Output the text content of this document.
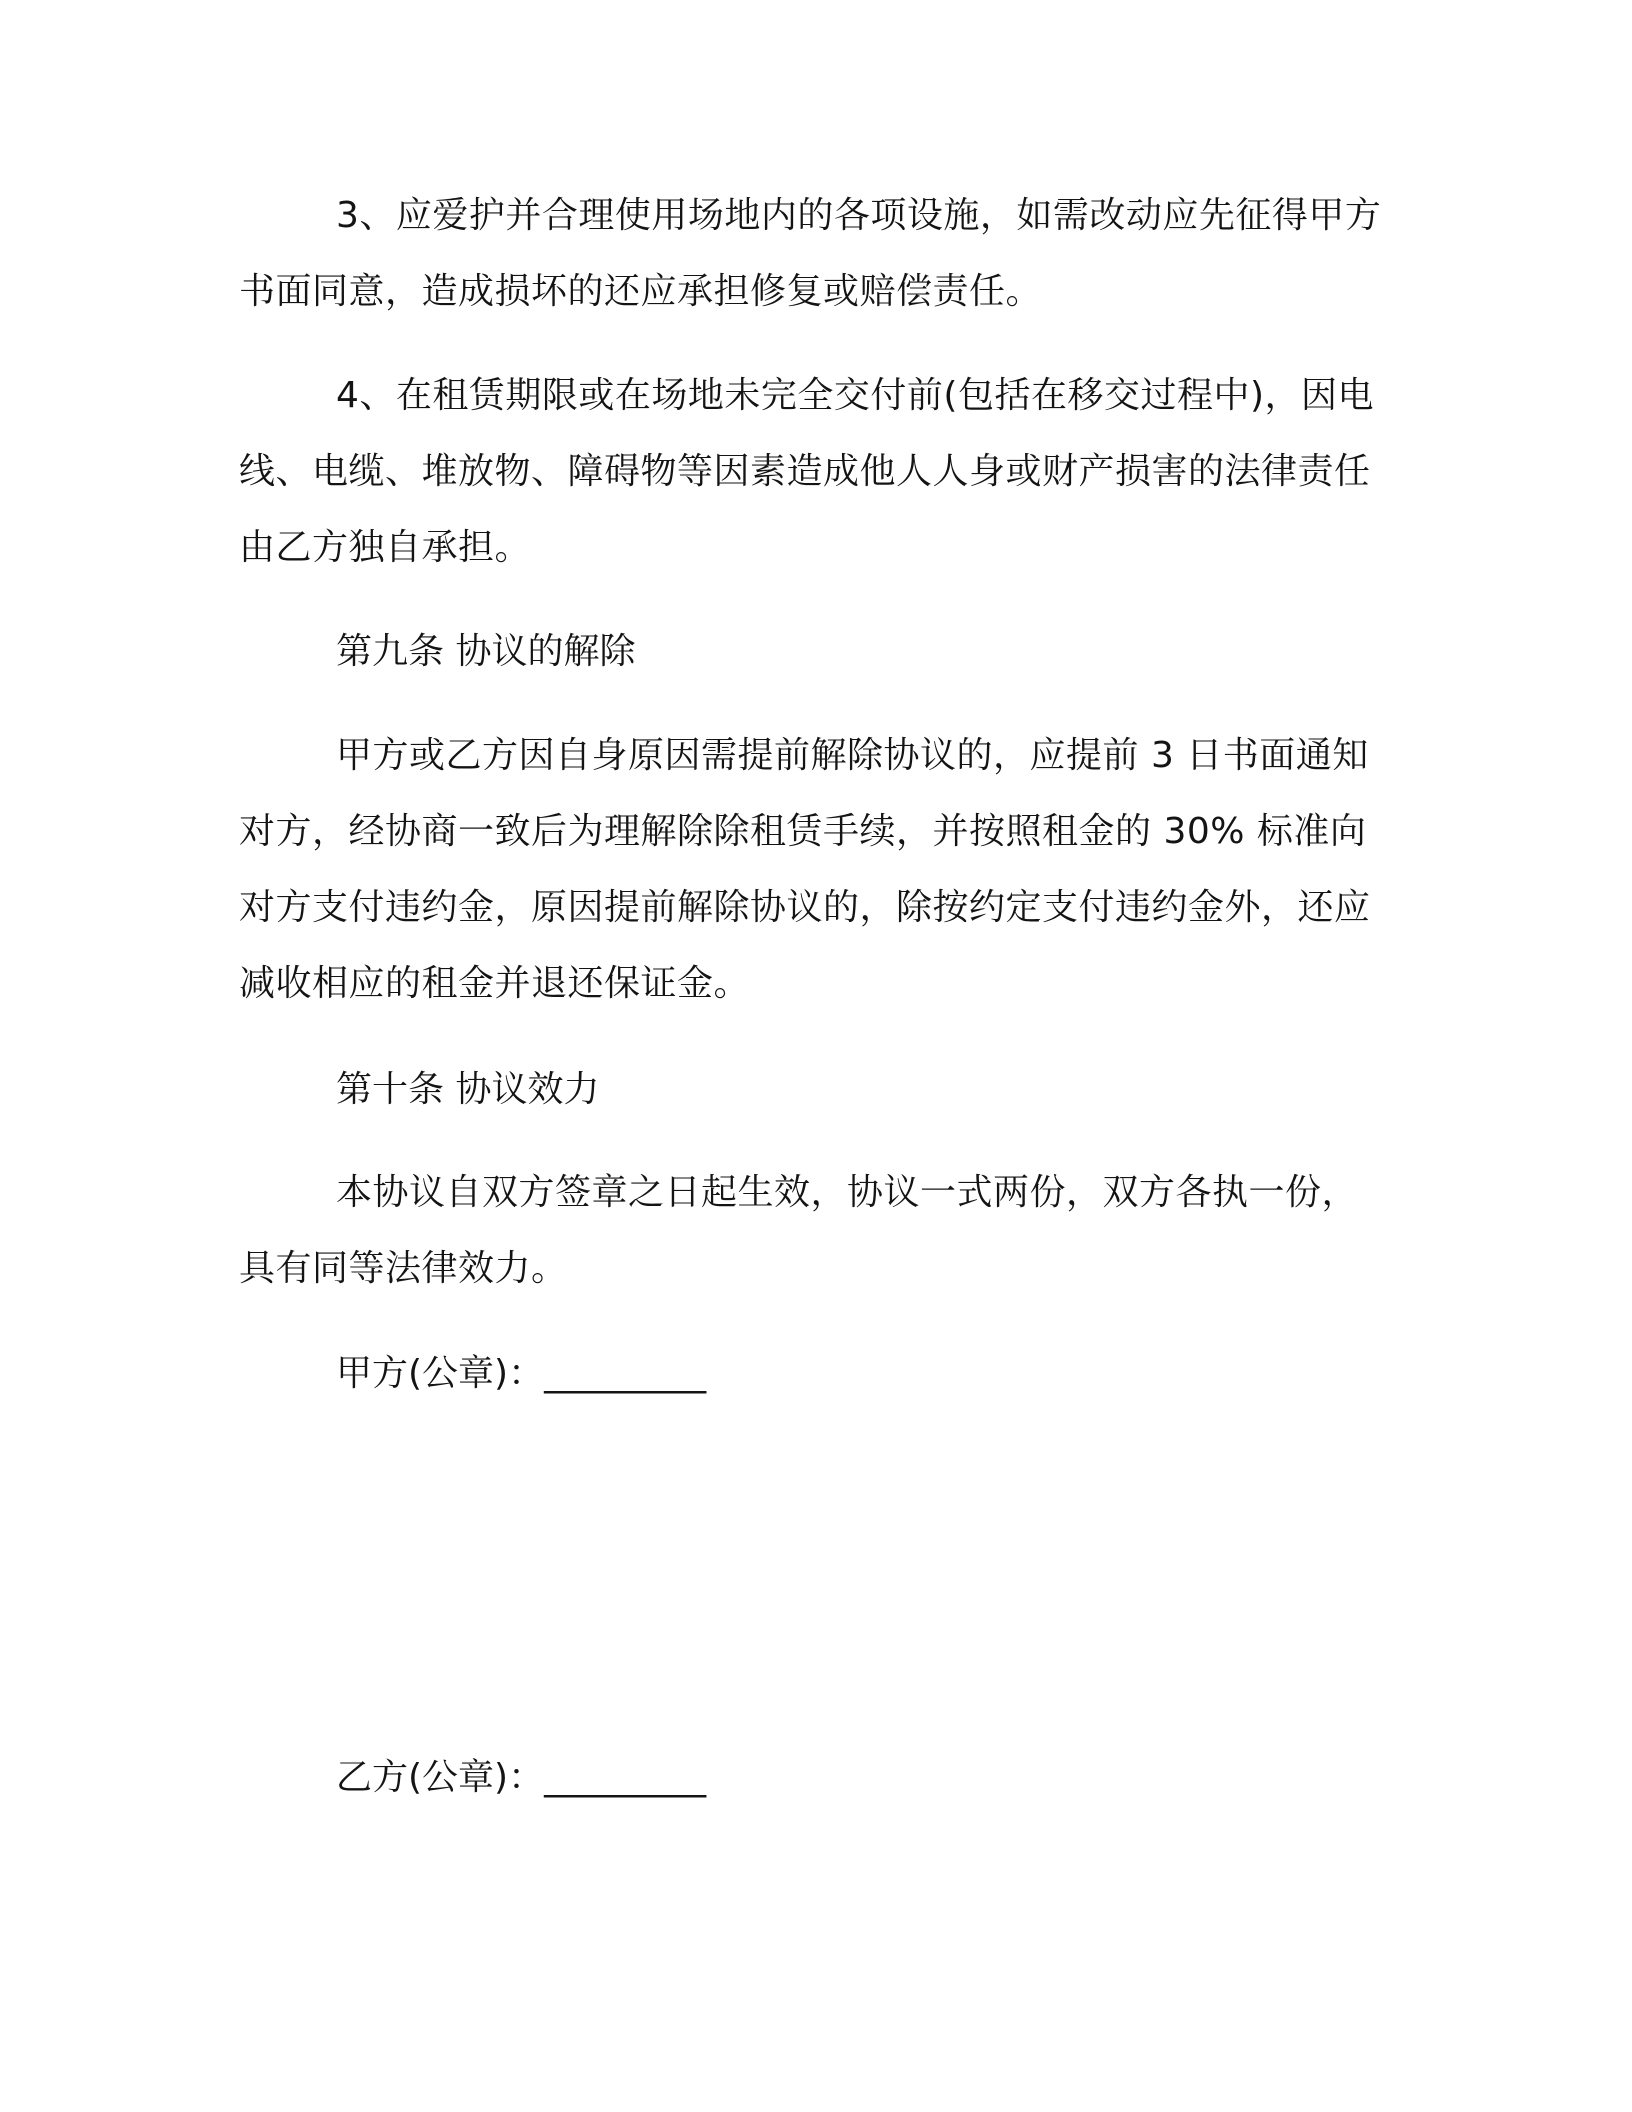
3、应爱护并合理使用场地内的各项设施，如需改动应先征得甲方书面同意，造成损坏的还应承担修复或赔偿责任。

4、在租赁期限或在场地未完全交付前(包括在移交过程中)，因电线、电缆、堆放物、障碍物等因素造成他人人身或财产损害的法律责任由乙方独自承担。

第九条 协议的解除

甲方或乙方因自身原因需提前解除协议的，应提前 3 日书面通知对方，经协商一致后为理解除除租赁手续，并按照租金的 30% 标准向对方支付违约金，原因提前解除协议的，除按约定支付违约金外，还应减收相应的租金并退还保证金。

第十条 协议效力

本协议自双方签章之日起生效，协议一式两份，双方各执一份，具有同等法律效力。

甲方(公章)：_________

乙方(公章)：_________
